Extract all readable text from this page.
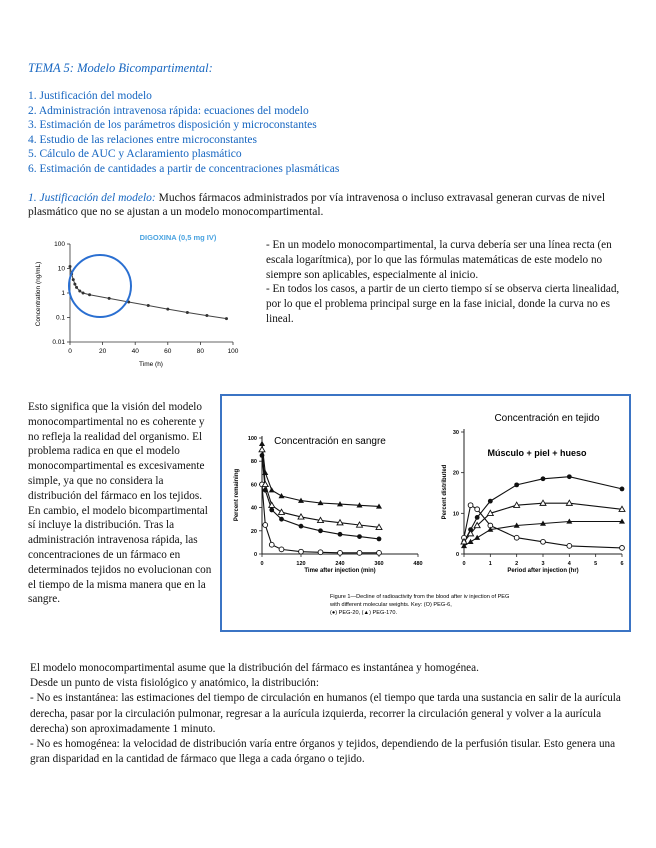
TEMA 5: Modelo Bicompartimental:
1. Justificación del modelo
2. Administración intravenosa rápida: ecuaciones del modelo
3. Estimación de los parámetros disposición y microconstantes
4. Estudio de las relaciones entre microconstantes
5. Cálculo de AUC y Aclaramiento plasmático
6. Estimación de cantidades a partir de concentraciones plasmáticas
1. Justificación del modelo: Muchos fármacos administrados por vía intravenosa o incluso extravasal generan curvas de nivel plasmático que no se ajustan a un modelo monocompartimental.
DIGOXINA (0,5 mg IV)
100
10
1
0.1
0.01
0	20	40	60	80	100
Time (h)
Concentration (ng/mL)
- En un modelo monocompartimental, la curva debería ser una línea recta (en escala logarítmica), por lo que las fórmulas matemáticas de este modelo no siempre son aplicables, especialmente al inicio.
- En todos los casos, a partir de un cierto tiempo sí se observa cierta linealidad, por lo que el problema principal surge en la fase inicial, donde la curva no es lineal.
Esto significa que la visión del modelo monocompartimental no es coherente y no refleja la realidad del organismo. El problema radica en que el modelo monocompartimental es excesivamente simple, ya que no considera la distribución del fármaco en los tejidos. En cambio, el modelo bicompartimental sí incluye la distribución. Tras la administración intravenosa rápida, las concentraciones de un fármaco en determinados tejidos no evolucionan con el tiempo de la misma manera que en la sangre.
Concentración en sangre
100
80
60
40
20
0
0	120	240	360	480
Time after injection (min)
Percent remaining
Concentración en tejido
Músculo + piel + hueso
30
20
10
0
0	1	2	3	4	5	6
Period after injection (hr)
Percent distributed
Figure 1—Decline of radioactivity from the blood after iv injection of PEG
with different molecular weights. Key: (O) PEG-6,
(●) PEG-20, (▲) PEG-170.
El modelo monocompartimental asume que la distribución del fármaco es instantánea y homogénea.
Desde un punto de vista fisiológico y anatómico, la distribución:
- No es instantánea: las estimaciones del tiempo de circulación en humanos (el tiempo que tarda una sustancia en salir de la aurícula derecha, pasar por la circulación pulmonar, regresar a la aurícula izquierda, recorrer la circulación general y volver a la aurícula derecha) son aproximadamente 1 minuto.
- No es homogénea: la velocidad de distribución varía entre órganos y tejidos, dependiendo de la perfusión tisular. Esto genera una gran disparidad en la cantidad de fármaco que llega a cada órgano o tejido.
